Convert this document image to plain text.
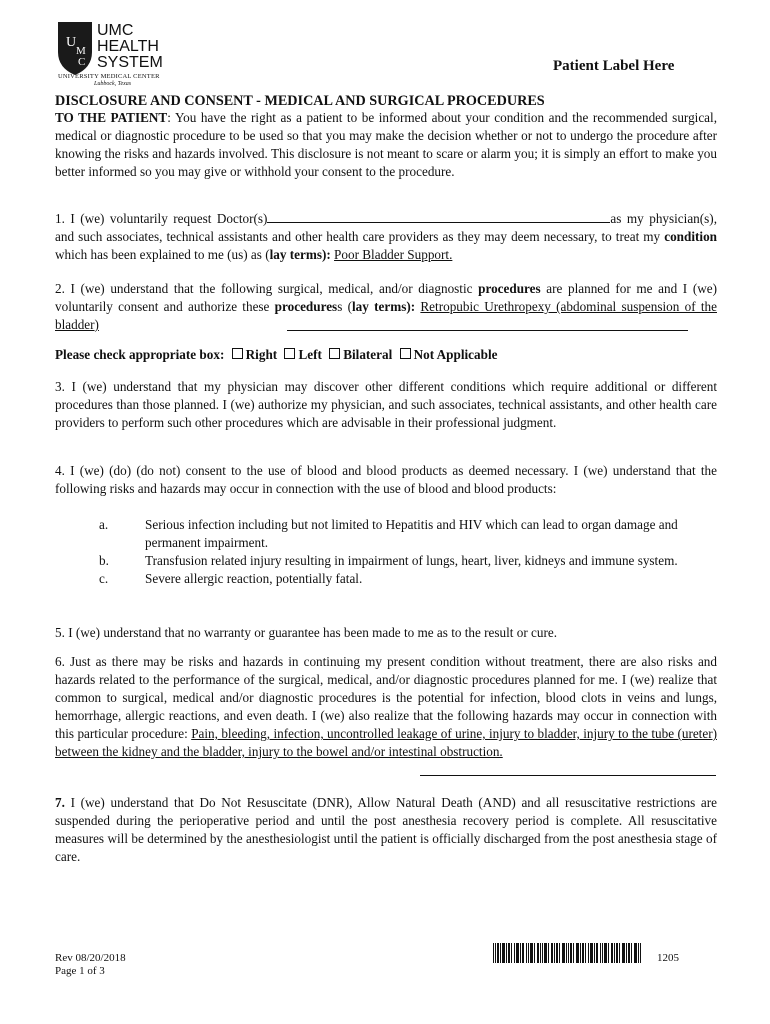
U
M
C
UMC
HEALTH
SYSTEM
UNIVERSITY MEDICAL CENTER
Lubbock, Texas
Patient Label Here
DISCLOSURE AND CONSENT - MEDICAL AND SURGICAL PROCEDURES

TO THE PATIENT: You have the right as a patient to be informed about your condition and the recommended surgical, medical or diagnostic procedure to be used so that you may make the decision whether or not to undergo the procedure after knowing the risks and hazards involved. This disclosure is not meant to scare or alarm you; it is simply an effort to make you better informed so you may give or withhold your consent to the procedure.

1. I (we) voluntarily request Doctor(s)	as my physician(s), and such associates, technical assistants and other health care providers as they may deem necessary, to treat my condition which has been explained to me (us) as (lay terms): Poor Bladder Support.

2. I (we) understand that the following surgical, medical, and/or diagnostic procedures are planned for me and I (we) voluntarily consent and authorize these proceduress (lay terms): Retropubic Urethropexy (abdominal suspension of the bladder)

Please check appropriate box: Right Left Bilateral Not Applicable

3. I (we) understand that my physician may discover other different conditions which require additional or different procedures than those planned. I (we) authorize my physician, and such associates, technical assistants, and other health care providers to perform such other procedures which are advisable in their professional judgment.

4. I (we) (do) (do not) consent to the use of blood and blood products as deemed necessary. I (we) understand that the following risks and hazards may occur in connection with the use of blood and blood products:

a.	Serious infection including but not limited to Hepatitis and HIV which can lead to organ damage and permanent impairment.
b.	Transfusion related injury resulting in impairment of lungs, heart, liver, kidneys and immune system.
c.	Severe allergic reaction, potentially fatal.

5. I (we) understand that no warranty or guarantee has been made to me as to the result or cure.

6. Just as there may be risks and hazards in continuing my present condition without treatment, there are also risks and hazards related to the performance of the surgical, medical, and/or diagnostic procedures planned for me. I (we) realize that common to surgical, medical and/or diagnostic procedures is the potential for infection, blood clots in veins and lungs, hemorrhage, allergic reactions, and even death. I (we) also realize that the following hazards may occur in connection with this particular procedure: Pain, bleeding, infection, uncontrolled leakage of urine, injury to bladder, injury to the tube (ureter) between the kidney and the bladder, injury to the bowel and/or intestinal obstruction.

7. I (we) understand that Do Not Resuscitate (DNR), Allow Natural Death (AND) and all resuscitative restrictions are suspended during the perioperative period and until the post anesthesia recovery period is complete. All resuscitative measures will be determined by the anesthesiologist until the patient is officially discharged from the post anesthesia stage of care.

Rev 08/20/2018
Page 1 of 3
1205
